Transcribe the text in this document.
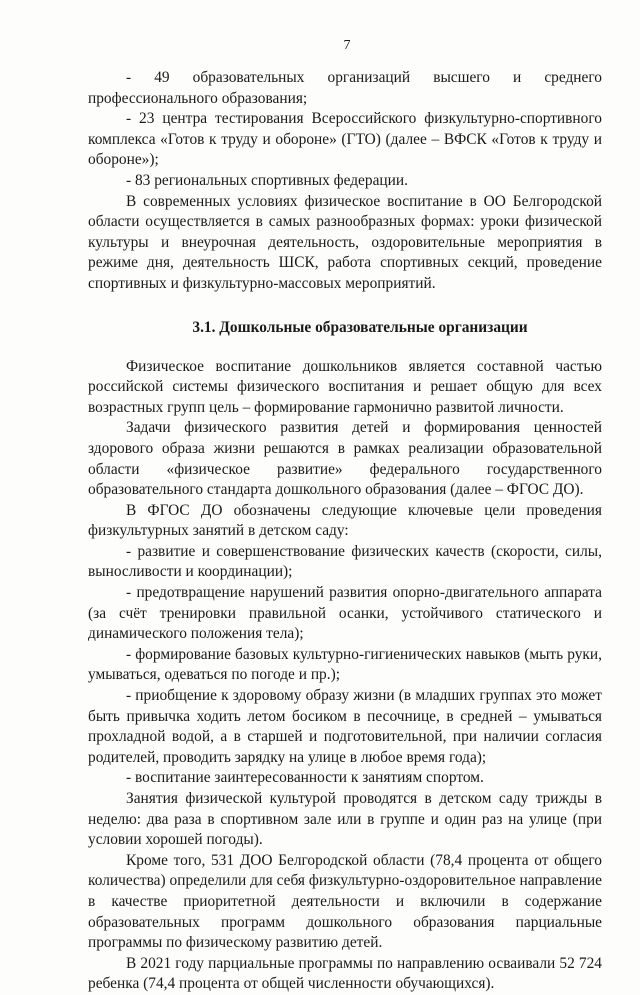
7

- 49 образовательных организаций высшего и среднего профессионального образования;

- 23 центра тестирования Всероссийского физкультурно-спортивного комплекса «Готов к труду и обороне» (ГТО) (далее – ВФСК «Готов к труду и обороне»);

- 83 региональных спортивных федерации.

В современных условиях физическое воспитание в ОО Белгородской области осуществляется в самых разнообразных формах: уроки физической культуры и внеурочная деятельность, оздоровительные мероприятия в режиме дня, деятельность ШСК, работа спортивных секций, проведение спортивных и физкультурно-массовых мероприятий.

3.1. Дошкольные образовательные организации

Физическое воспитание дошкольников является составной частью российской системы физического воспитания и решает общую для всех возрастных групп цель – формирование гармонично развитой личности.

Задачи физического развития детей и формирования ценностей здорового образа жизни решаются в рамках реализации образовательной области «физическое развитие» федерального государственного образовательного стандарта дошкольного образования (далее – ФГОС ДО).

В ФГОС ДО обозначены следующие ключевые цели проведения физкультурных занятий в детском саду:

- развитие и совершенствование физических качеств (скорости, силы, выносливости и координации);

- предотвращение нарушений развития опорно-двигательного аппарата (за счёт тренировки правильной осанки, устойчивого статического и динамического положения тела);

- формирование базовых культурно-гигиенических навыков (мыть руки, умываться, одеваться по погоде и пр.);

- приобщение к здоровому образу жизни (в младших группах это может быть привычка ходить летом босиком в песочнице, в средней – умываться прохладной водой, а в старшей и подготовительной, при наличии согласия родителей, проводить зарядку на улице в любое время года);

- воспитание заинтересованности к занятиям спортом.

Занятия физической культурой проводятся в детском саду трижды в неделю: два раза в спортивном зале или в группе и один раз на улице (при условии хорошей погоды).

Кроме того, 531 ДОО Белгородской области (78,4 процента от общего количества) определили для себя физкультурно-оздоровительное направление в качестве приоритетной деятельности и включили в содержание образовательных программ дошкольного образования парциальные программы по физическому развитию детей.

В 2021 году парциальные программы по направлению осваивали 52 724 ребенка (74,4 процента от общей численности обучающихся).
